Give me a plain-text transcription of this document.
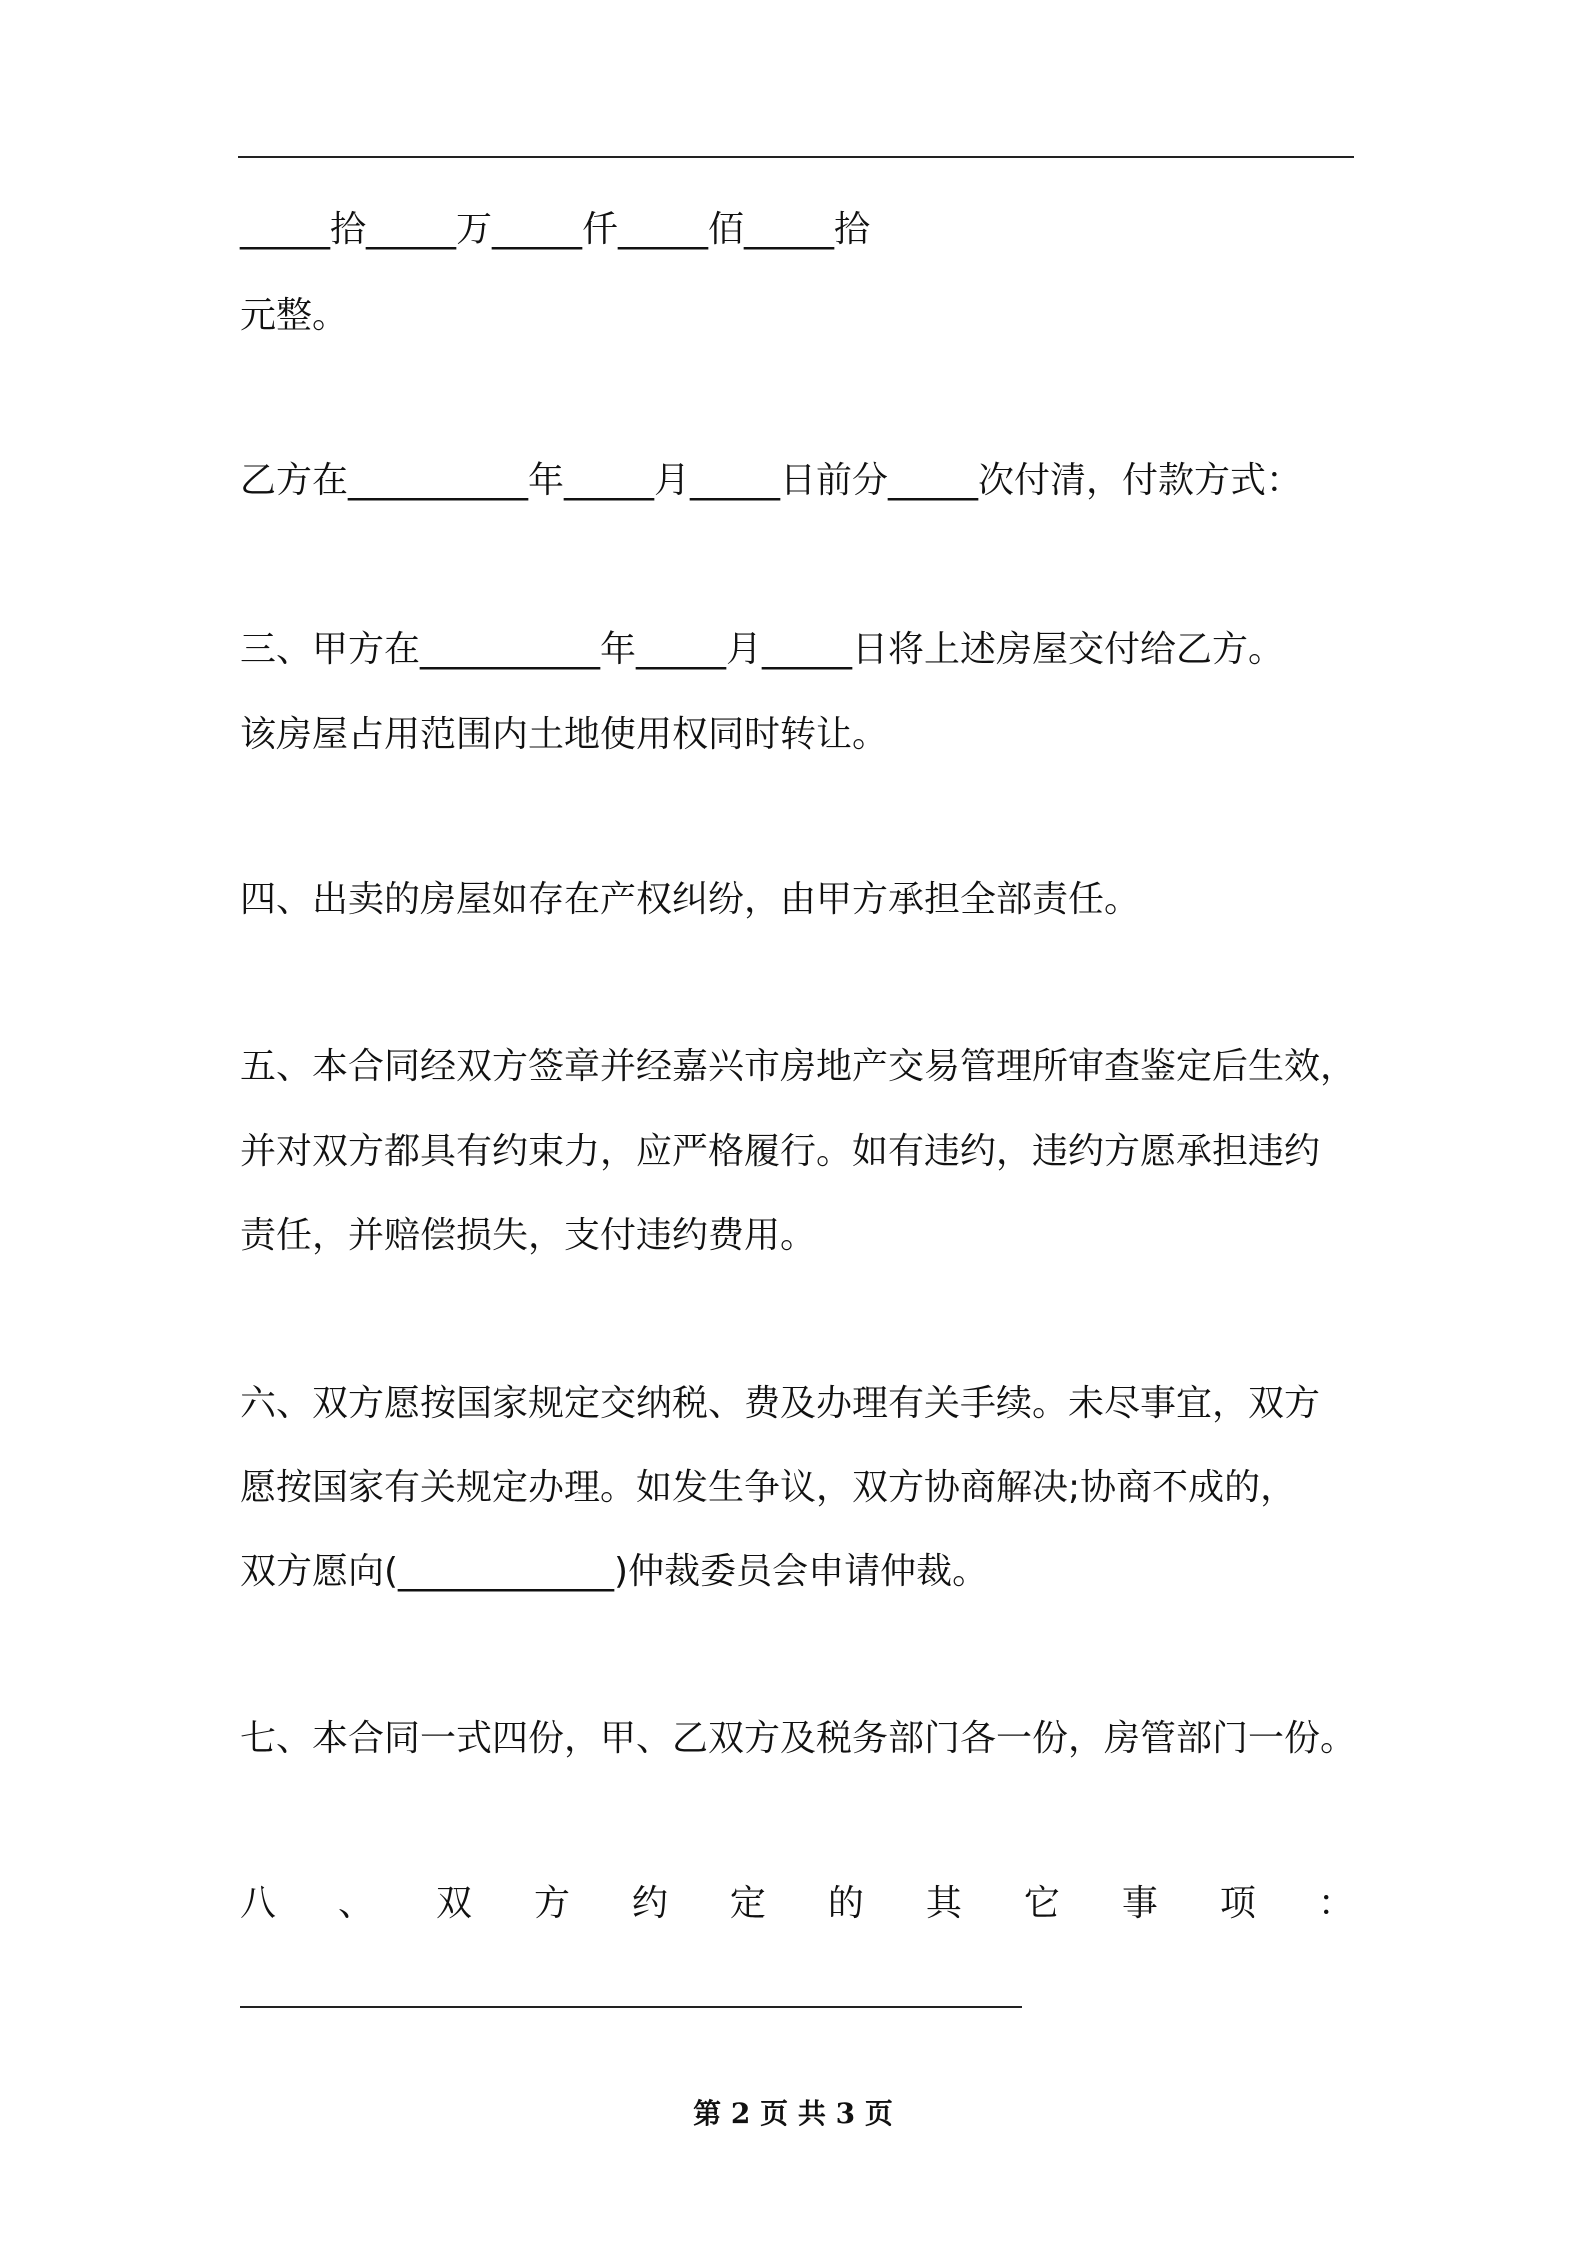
_____拾_____万_____仟_____佰_____拾
元整。
乙方在__________年_____月_____日前分_____次付清，付款方式：
三、甲方在__________年_____月_____日将上述房屋交付给乙方。
该房屋占用范围内土地使用权同时转让。
四、出卖的房屋如存在产权纠纷，由甲方承担全部责任。
五、本合同经双方签章并经嘉兴市房地产交易管理所审查鉴定后生效，
并对双方都具有约束力，应严格履行。如有违约，违约方愿承担违约
责任，并赔偿损失，支付违约费用。
六、双方愿按国家规定交纳税、费及办理有关手续。未尽事宜，双方
愿按国家有关规定办理。如发生争议，双方协商解决;协商不成的，
双方愿向(____________)仲裁委员会申请仲裁。
七、本合同一式四份，甲、乙双方及税务部门各一份，房管部门一份。
八 、 双 方 约 定 的 其 它 事 项 ：
第 2 页 共 3 页
